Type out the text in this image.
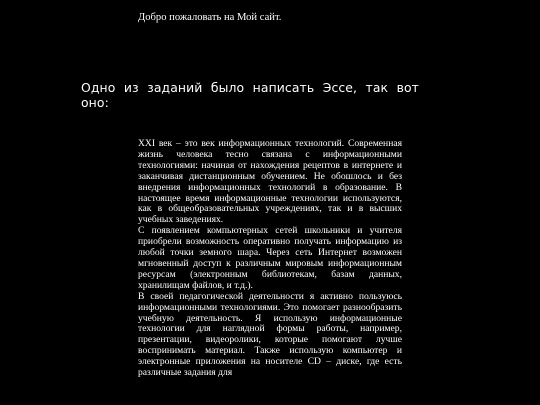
Добро пожаловать на Мой сайт.
Одно из заданий было написать Эссе, так вот оно:

XXI век – это век информационных технологий. Современная жизнь человека тесно связана с информационными технологиями: начиная от нахождения рецептов в интернете и заканчивая дистанционным обучением. Не обошлось и без внедрения информационных технологий в образование. В настоящее время информационные технологии используются, как в общеобразовательных учреждениях, так и в высших учебных заведениях.

С появлением компьютерных сетей школьники и учителя приобрели возможность оперативно получать информацию из любой точки земного шара. Через сеть Интернет возможен мгновенный доступ к различным мировым информационным ресурсам (электронным библиотекам, базам данных, хранилищам файлов, и т.д.).

В своей педагогической деятельности я активно пользуюсь информационными технологиями. Это помогает разнообразить учебную деятельность. Я использую информационные технологии для наглядной формы работы, например, презентации, видеоролики, которые помогают лучше воспринимать материал. Также использую компьютер и электронные приложения на носителе CD – диске, где есть различные задания для
